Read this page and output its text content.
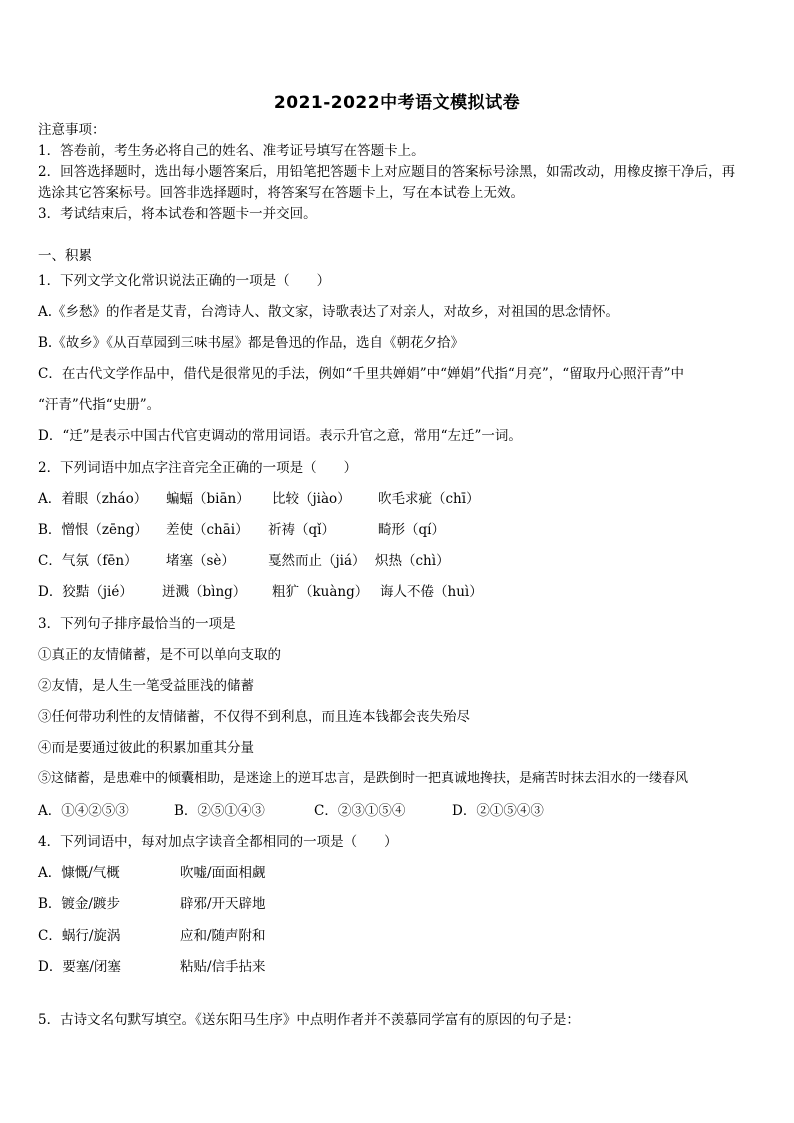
2021-2022中考语文模拟试卷
注意事项：
1．答卷前，考生务必将自己的姓名、准考证号填写在答题卡上。
2．回答选择题时，选出每小题答案后，用铅笔把答题卡上对应题目的答案标号涂黑，如需改动，用橡皮擦干净后，再
选涂其它答案标号。回答非选择题时，将答案写在答题卡上，写在本试卷上无效。
3．考试结束后，将本试卷和答题卡一并交回。
一、积累
1．下列文学文化常识说法正确的一项是（　　）
A.《乡愁》的作者是艾青，台湾诗人、散文家，诗歌表达了对亲人，对故乡，对祖国的思念情怀。
B.《故乡》《从百草园到三味书屋》都是鲁迅的作品，选自《朝花夕拾》
C．在古代文学作品中，借代是很常见的手法，例如“千里共婵娟”中“婵娟”代指“月亮”，“留取丹心照汗青”中
“汗青”代指“史册”。
D．“迁”是表示中国古代官吏调动的常用词语。表示升官之意，常用“左迁”一词。
2．下列词语中加点字注音完全正确的一项是（　　）
A．着眼（zháo） 蝙蝠（biān） 比较（jiào） 吹毛求疵（chī）
B．憎恨（zēng） 差使（chāi） 祈祷（qǐ）	畸形（qí）
C．气氛（fēn） 堵塞（sè） 戛然而止（jiá） 炽热（chì）
D．狡黠（jié） 迸溅（bìng） 粗犷（kuàng） 诲人不倦（huì）
3．下列句子排序最恰当的一项是
①真正的友情储蓄，是不可以单向支取的
②友情，是人生一笔受益匪浅的储蓄
③任何带功利性的友情储蓄，不仅得不到利息，而且连本钱都会丧失殆尽
④而是要通过彼此的积累加重其分量
⑤这储蓄，是患难中的倾囊相助，是迷途上的逆耳忠言，是跌倒时一把真诚地搀扶，是痛苦时抹去泪水的一缕春风
A．①④②⑤③	B．②⑤①④③	C．②③①⑤④	D．②①⑤④③
4．下列词语中，每对加点字读音全都相同的一项是（　　）
A．慷慨/气概	吹嘘/面面相觑
B．镀金/踱步	辟邪/开天辟地
C．蜗行/旋涡	应和/随声附和
D．要塞/闭塞	粘贴/信手拈来
5．古诗文名句默写填空。《送东阳马生序》中点明作者并不羡慕同学富有的原因的句子是：
